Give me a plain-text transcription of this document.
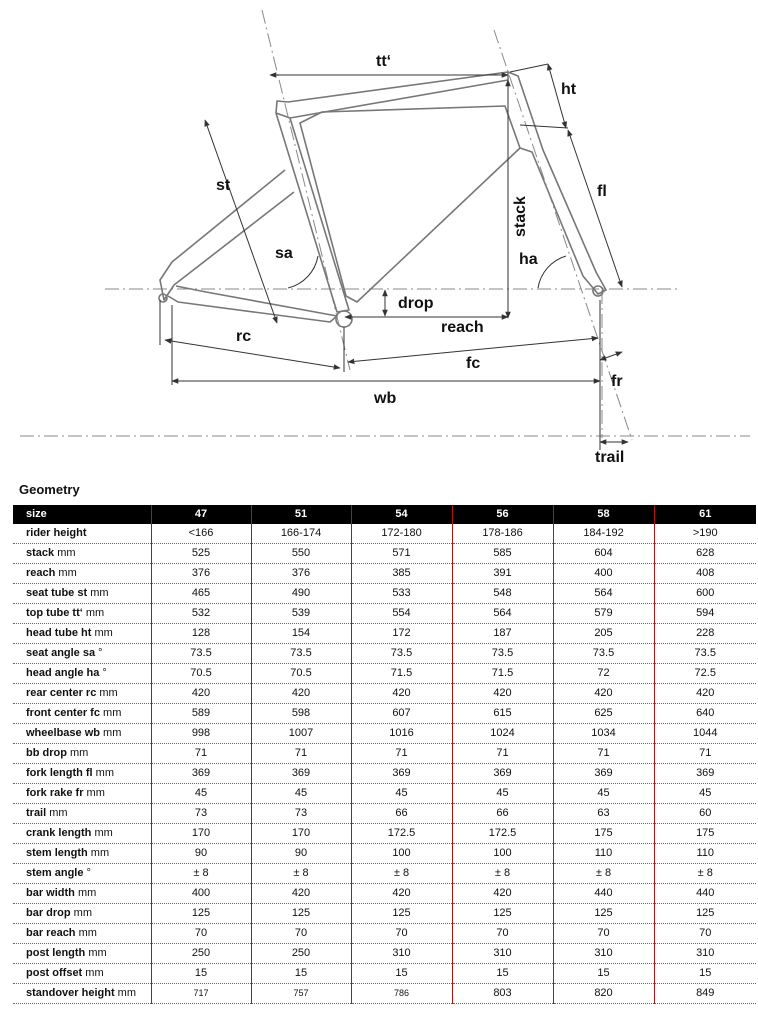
tt‘
ht
st	fl
stack
sa	ha
drop
reach
rc
fc
fr
wb
trail
Geometry
size	47	51	54	56	58	61
rider height	<166	166-174	172-180	178-186	184-192	>190
stack mm	525	550	571	585	604	628
reach mm	376	376	385	391	400	408
seat tube st mm	465	490	533	548	564	600
top tube tt‘ mm	532	539	554	564	579	594
head tube ht mm	128	154	172	187	205	228
seat angle sa °	73.5	73.5	73.5	73.5	73.5	73.5
head angle ha °	70.5	70.5	71.5	71.5	72	72.5
rear center rc mm	420	420	420	420	420	420
front center fc mm	589	598	607	615	625	640
wheelbase wb mm	998	1007	1016	1024	1034	1044
bb drop mm	71	71	71	71	71	71
fork length fl mm	369	369	369	369	369	369
fork rake fr mm	45	45	45	45	45	45
trail mm	73	73	66	66	63	60
crank length mm	170	170	172.5	172.5	175	175
stem length mm	90	90	100	100	110	110
stem angle °	± 8	± 8	± 8	± 8	± 8	± 8
bar width mm	400	420	420	420	440	440
bar drop mm	125	125	125	125	125	125
bar reach mm	70	70	70	70	70	70
post length mm	250	250	310	310	310	310
post offset mm	15	15	15	15	15	15
standover height mm	717	757	786	803	820	849
